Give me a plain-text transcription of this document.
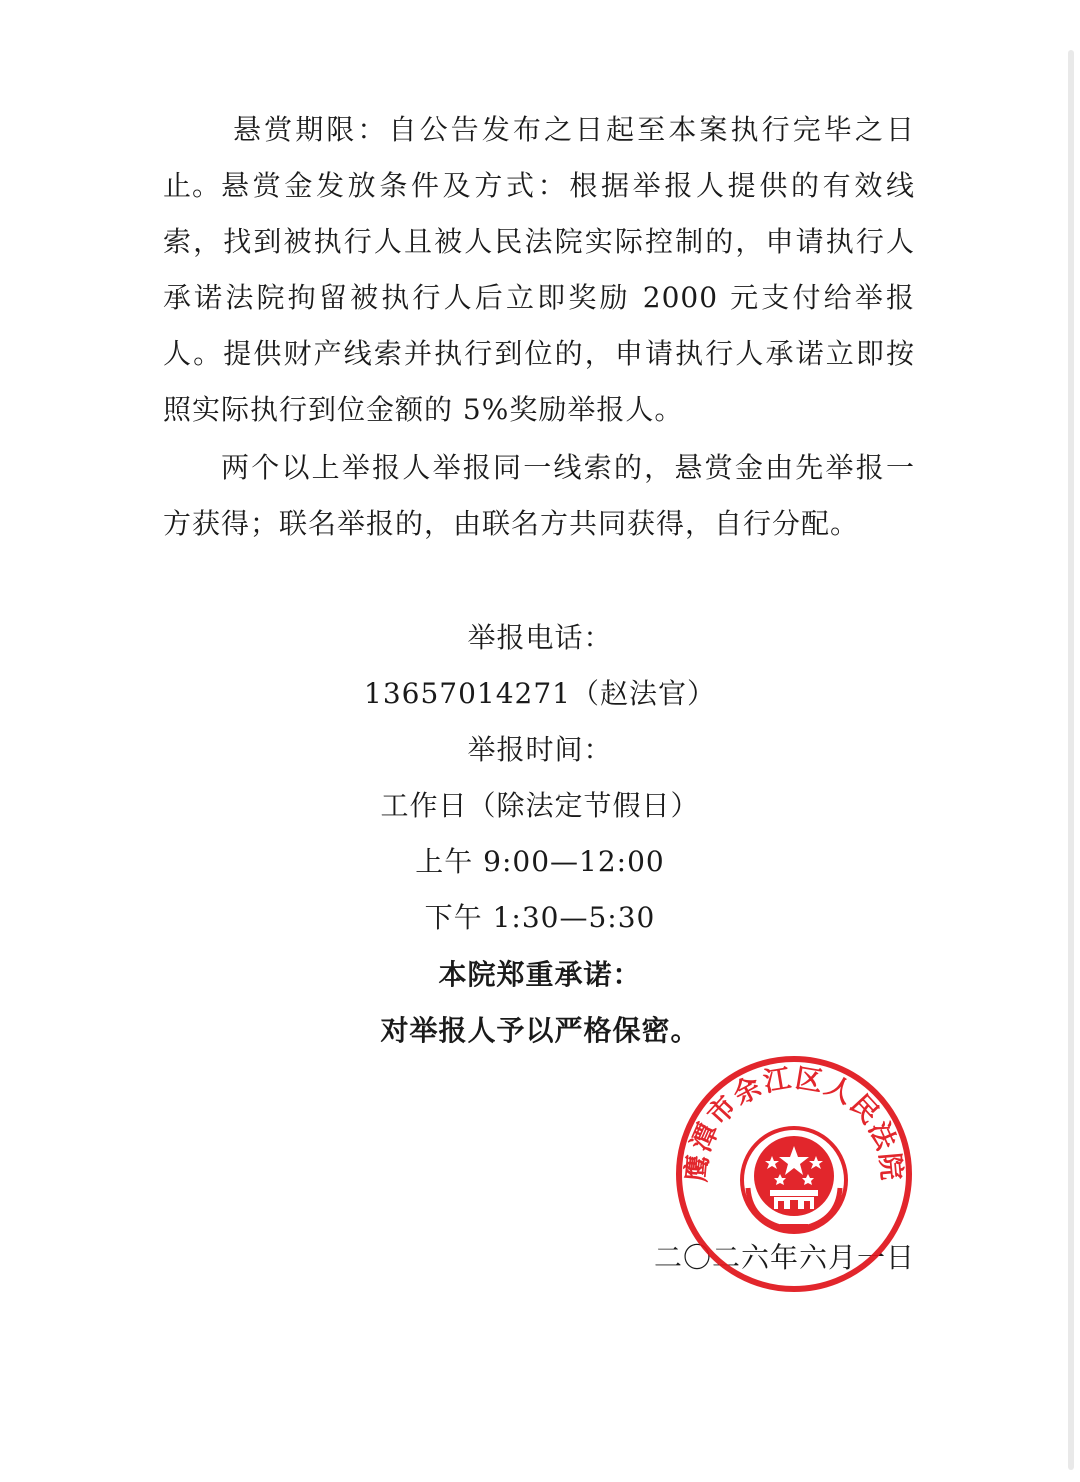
悬赏期限：自公告发布之日起至本案执行完毕之日止。 悬赏金发放条件及方式：根据举报人提供的有效线索，找到被执行人且被人民法院实际控制的，申请执行人承诺法院拘留被执行人后立即奖励 2000 元支付给举报人。提供财产线索并执行到位的，申请执行人承诺立即按照实际执行到位金额的 5%奖励举报人。

两个以上举报人举报同一线索的，悬赏金由先举报一方获得；联名举报的，由联名方共同获得，自行分配。

举报电话：

13657014271（赵法官）

举报时间：

工作日（除法定节假日）

上午 9:00—12:00

下午 1:30—5:30

本院郑重承诺：

对举报人予以严格保密。

二〇二六年六月一日

鹰潭市余江区人民法院
